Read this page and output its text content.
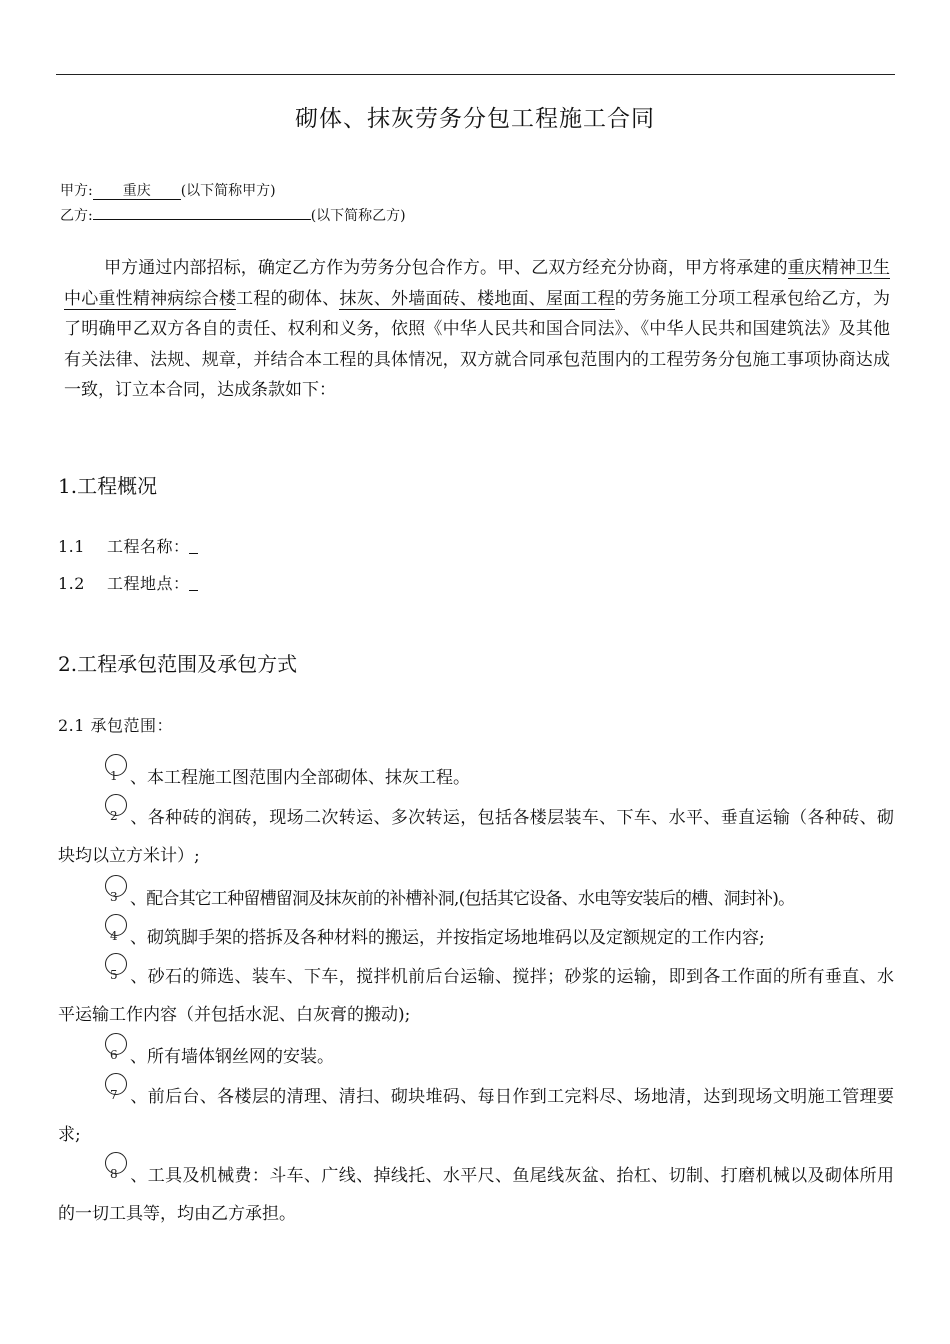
砌体、抹灰劳务分包工程施工合同
甲方: 重庆 (以下简称甲方)
乙方:	(以下简称乙方)
甲方通过内部招标，确定乙方作为劳务分包合作方。甲、乙双方经充分协商，甲方将承建的重庆精神卫生中心重性精神病综合楼工程的砌体、抹灰、外墙面砖、楼地面、屋面工程的劳务施工分项工程承包给乙方，为了明确甲乙双方各自的责任、权利和义务，依照《中华人民共和国合同法》、《中华人民共和国建筑法》及其他有关法律、法规、规章，并结合本工程的具体情况，双方就合同承包范围内的工程劳务分包施工事项协商达成一致，订立本合同，达成条款如下：
1.工程概况
1.1 工程名称：
1.2 工程地点：
2.工程承包范围及承包方式
2.1 承包范围：
1 、本工程施工图范围内全部砌体、抹灰工程。
2 、各种砖的润砖，现场二次转运、多次转运，包括各楼层装车、下车、水平、垂直运输（各种砖、砌块均以立方米计）;
3 、配合其它工种留槽留洞及抹灰前的补槽补洞,(包括其它设备、水电等安装后的槽、洞封补)。
4 、砌筑脚手架的搭拆及各种材料的搬运，并按指定场地堆码以及定额规定的工作内容;
5 、砂石的筛选、装车、下车，搅拌机前后台运输、搅拌；砂浆的运输，即到各工作面的所有垂直、水平运输工作内容（并包括水泥、白灰膏的搬动);
6 、所有墙体钢丝网的安装。
7 、前后台、各楼层的清理、清扫、砌块堆码、每日作到工完料尽、场地清，达到现场文明施工管理要求;
8 、工具及机械费：斗车、广线、掉线托、水平尺、鱼尾线灰盆、抬杠、切制、打磨机械以及砌体所用的一切工具等，均由乙方承担。
